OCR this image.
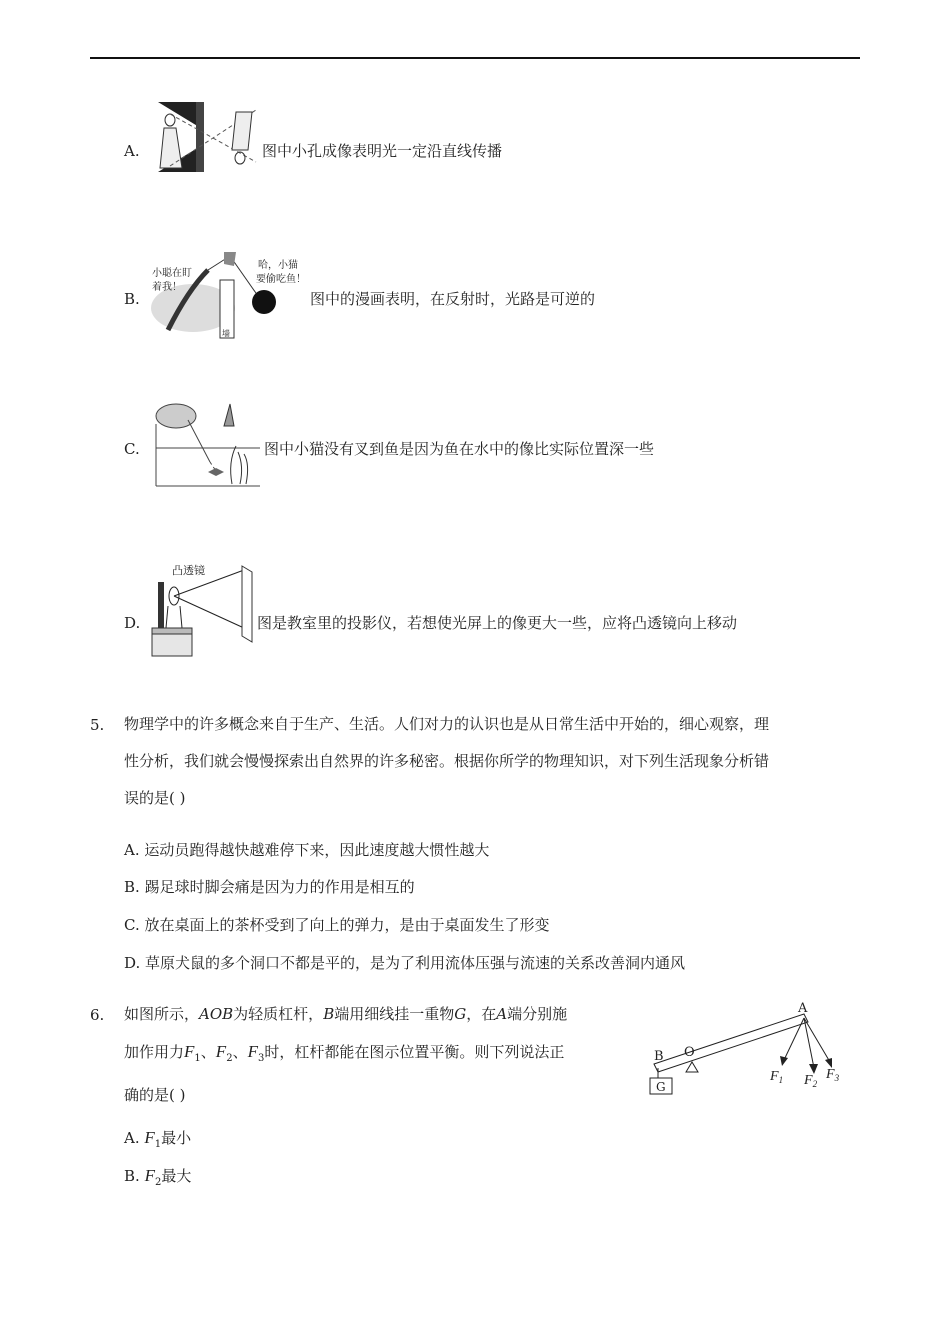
A.	图中小孔成像表明光一定沿直线传播
B.
小聪在盯
着我！
哈，小猫
要偷吃鱼！
墙
图中的漫画表明，在反射时，光路是可逆的
C.	图中小猫没有叉到鱼是因为鱼在水中的像比实际位置深一些
D.
凸透镜
图是教室里的投影仪，若想使光屏上的像更大一些，应将凸透镜向上移动
5. 物理学中的许多概念来自于生产、生活。人们对力的认识也是从日常生活中开始的，细心观察，理
性分析，我们就会慢慢探索出自然界的许多秘密。根据你所学的物理知识，对下列生活现象分析错
误的是( )
A. 运动员跑得越快越难停下来，因此速度越大惯性越大
B. 踢足球时脚会痛是因为力的作用是相互的
C. 放在桌面上的茶杯受到了向上的弹力，是由于桌面发生了形变
D. 草原犬鼠的多个洞口不都是平的，是为了利用流体压强与流速的关系改善洞内通风
6. 如图所示，AOB为轻质杠杆，B端用细线挂一重物G，在A端分别施
加作用力$F_1$、$F_2$、$F_3$时，杠杆都能在图示位置平衡。则下列说法正
确的是( )	G
B O
A
$F_1$ $F_2$
$F_3$
A. $F_1$最小
B. $F_2$最大
